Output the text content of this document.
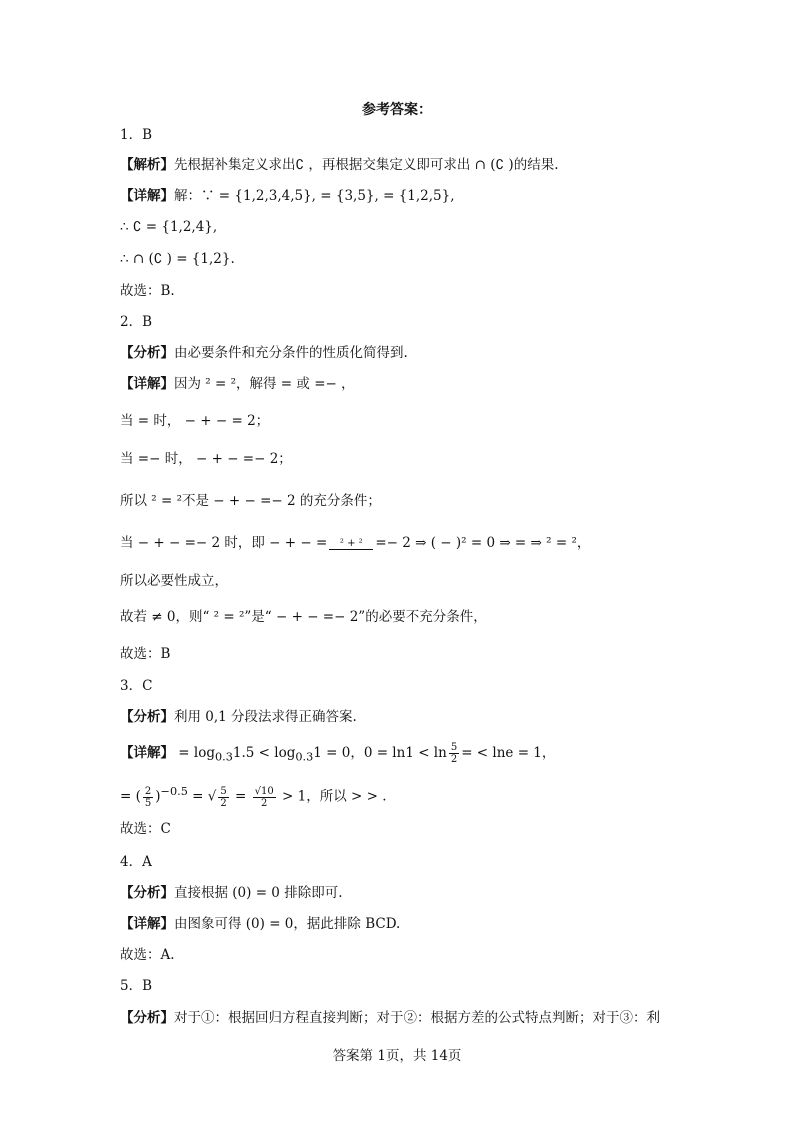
参考答案：
1．B
【解析】先根据补集定义求出∁ ，再根据交集定义即可求出 ∩ (∁ )的结果.
【详解】解：∵ = {1,2,3,4,5}, = {3,5}, = {1,2,5},
∴ ∁ = {1,2,4},
∴ ∩ (∁ ) = {1,2}.
故选：B.
2．B
【分析】由必要条件和充分条件的性质化简得到.
【详解】因为 ² = ²，解得 = 或 =− ，
当 = 时， − + − = 2；
当 =− 时， − + − =− 2；
所以 ² = ²不是 − + − =− 2 的充分条件；
当 − + − =− 2 时，即 − + − =	² + ² =− 2 ⇒ ( − )² = 0 ⇒ = ⇒ ² = ²，
所以必要性成立，
故若 ≠ 0，则“ ² = ²”是“ − + − =− 2”的必要不充分条件，
故选：B
3．C
【分析】利用 0,1 分段法求得正确答案.
【详解】 = $\log_{0.3}1.5 < \log_{0.3}1 = 0$，$0 = \ln 1 < \ln \frac{5}{2}$ = < lne = 1，
= ( $\frac{2}{5} )^{-0.5}$ = √ $\frac{5}{2} = \frac{√10}{2} > 1$，所以 > > .
故选：C
4．A
【分析】直接根据 (0) = 0 排除即可.
【详解】由图象可得 (0) = 0，据此排除 BCD.
故选：A.
5．B
【分析】对于①：根据回归方程直接判断；对于②：根据方差的公式特点判断；对于③：利
答案第 1页，共 14页
